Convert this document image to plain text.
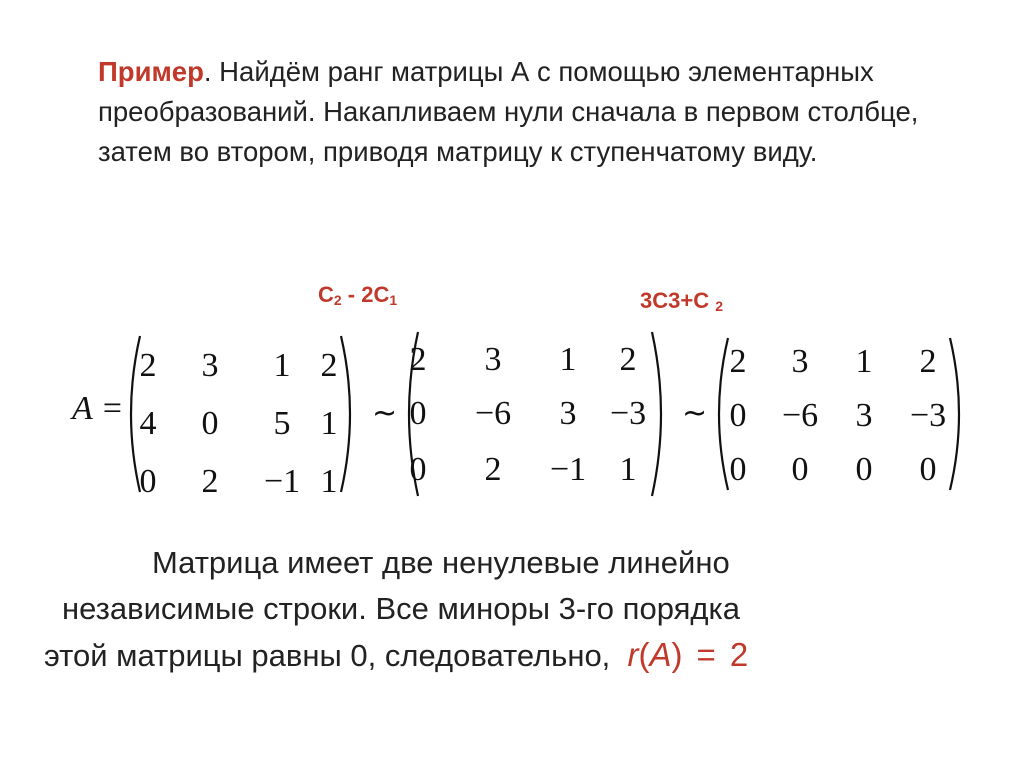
Пример. Найдём ранг матрицы А с помощью элементарных преобразований. Накапливаем нули сначала в первом столбце, затем во втором, приводя матрицу к ступенчатому виду.

$C_2 - 2C_1$	3C3+C $_2$

A =	~	~
2 3 1 2
4 0 5 1
0 2 −1 1
2 3 1 2
0 −6 3 −3
0 2 −1 1
2 3 1 2
0 −6 3 −3
0 0 0 0
Матрица имеет две ненулевые линейно
независимые строки. Все миноры 3-го порядка
этой матрицы равны 0, следовательно, r(A) = 2
